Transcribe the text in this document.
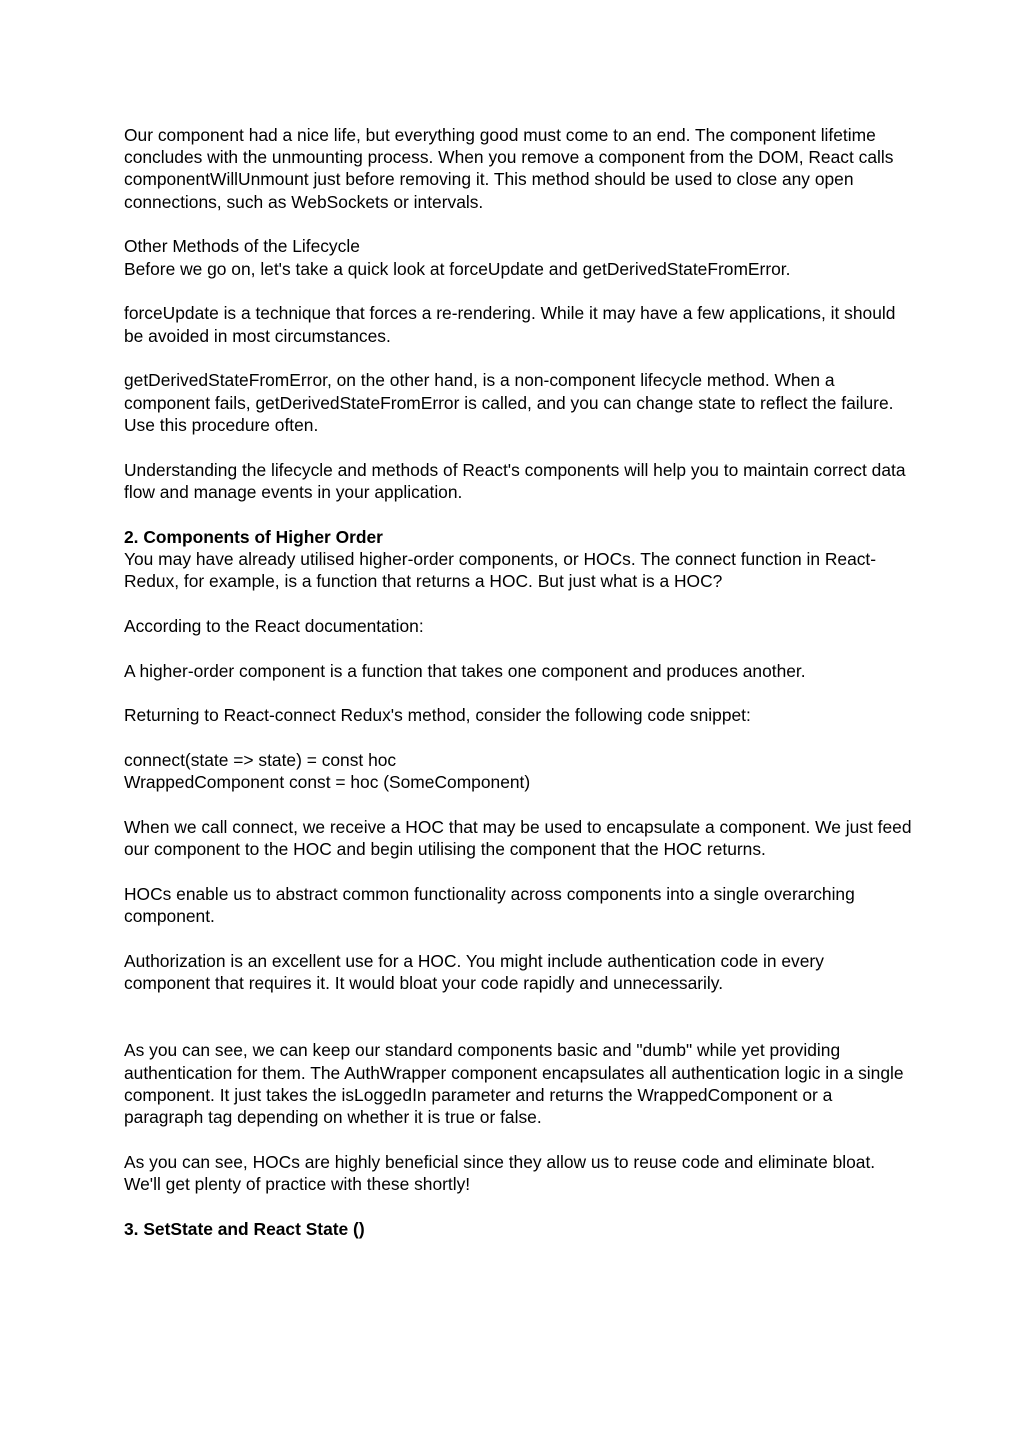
Our component had a nice life, but everything good must come to an end. The component lifetime concludes with the unmounting process. When you remove a component from the DOM, React calls componentWillUnmount just before removing it. This method should be used to close any open connections, such as WebSockets or intervals.

Other Methods of the Lifecycle

Before we go on, let's take a quick look at forceUpdate and getDerivedStateFromError.

forceUpdate is a technique that forces a re-rendering. While it may have a few applications, it should be avoided in most circumstances.

getDerivedStateFromError, on the other hand, is a non-component lifecycle method. When a component fails, getDerivedStateFromError is called, and you can change state to reflect the failure. Use this procedure often.

Understanding the lifecycle and methods of React's components will help you to maintain correct data flow and manage events in your application.

2. Components of Higher Order

You may have already utilised higher-order components, or HOCs. The connect function in React-Redux, for example, is a function that returns a HOC. But just what is a HOC?

According to the React documentation:

A higher-order component is a function that takes one component and produces another.

Returning to React-connect Redux's method, consider the following code snippet:

connect(state => state) = const hoc
WrappedComponent const = hoc (SomeComponent)

When we call connect, we receive a HOC that may be used to encapsulate a component. We just feed our component to the HOC and begin utilising the component that the HOC returns.

HOCs enable us to abstract common functionality across components into a single overarching component.

Authorization is an excellent use for a HOC. You might include authentication code in every component that requires it. It would bloat your code rapidly and unnecessarily.

As you can see, we can keep our standard components basic and "dumb" while yet providing authentication for them. The AuthWrapper component encapsulates all authentication logic in a single component. It just takes the isLoggedIn parameter and returns the WrappedComponent or a paragraph tag depending on whether it is true or false.

As you can see, HOCs are highly beneficial since they allow us to reuse code and eliminate bloat. We'll get plenty of practice with these shortly!

3. SetState and React State ()
